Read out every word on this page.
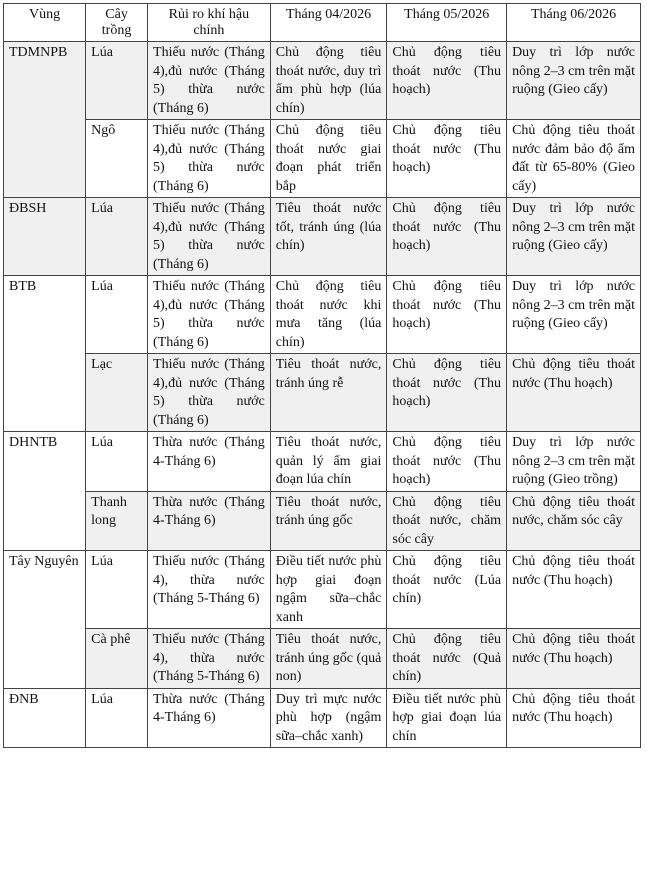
Vùng	Cây trồng	Rủi ro khí hậu chính	Tháng 04/2026	Tháng 05/2026	Tháng 06/2026
TDMNPB	Lúa	Thiếu nước (Tháng 4),đủ nước (Tháng 5) thừa nước (Tháng 6)	Chủ động tiêu thoát nước, duy trì ẩm phù hợp (lúa chín)	Chủ động tiêu thoát nước (Thu hoạch)	Duy trì lớp nước nông 2–3 cm trên mặt ruộng (Gieo cấy)
	Ngô	Thiếu nước (Tháng 4),đủ nước (Tháng 5) thừa nước (Tháng 6)	Chủ động tiêu thoát nước giai đoạn phát triển bắp	Chủ động tiêu thoát nước (Thu hoạch)	Chủ động tiêu thoát nước đảm bảo độ ẩm đất từ 65-80% (Gieo cấy)
ĐBSH	Lúa	Thiếu nước (Tháng 4),đủ nước (Tháng 5) thừa nước (Tháng 6)	Tiêu thoát nước tốt, tránh úng (lúa chín)	Chủ động tiêu thoát nước (Thu hoạch)	Duy trì lớp nước nông 2–3 cm trên mặt ruộng (Gieo cấy)
BTB	Lúa	Thiếu nước (Tháng 4),đủ nước (Tháng 5) thừa nước (Tháng 6)	Chủ động tiêu thoát nước khi mưa tăng (lúa chín)	Chủ động tiêu thoát nước (Thu hoạch)	Duy trì lớp nước nông 2–3 cm trên mặt ruộng (Gieo cấy)
	Lạc	Thiếu nước (Tháng 4),đủ nước (Tháng 5) thừa nước (Tháng 6)	Tiêu thoát nước, tránh úng rễ	Chủ động tiêu thoát nước (Thu hoạch)	Chủ động tiêu thoát nước (Thu hoạch)
DHNTB	Lúa	Thừa nước (Tháng 4-Tháng 6)	Tiêu thoát nước, quản lý ẩm giai đoạn lúa chín	Chủ động tiêu thoát nước (Thu hoạch)	Duy trì lớp nước nông 2–3 cm trên mặt ruộng (Gieo trồng)
	Thanh long	Thừa nước (Tháng 4-Tháng 6)	Tiêu thoát nước, tránh úng gốc	Chủ động tiêu thoát nước, chăm sóc cây	Chủ động tiêu thoát nước, chăm sóc cây
Tây Nguyên	Lúa	Thiếu nước (Tháng 4), thừa nước (Tháng 5-Tháng 6)	Điều tiết nước phù hợp giai đoạn ngậm sữa–chắc xanh	Chủ động tiêu thoát nước (Lúa chín)	Chủ động tiêu thoát nước (Thu hoạch)
	Cà phê	Thiếu nước (Tháng 4), thừa nước (Tháng 5-Tháng 6)	Tiêu thoát nước, tránh úng gốc (quả non)	Chủ động tiêu thoát nước (Quả chín)	Chủ động tiêu thoát nước (Thu hoạch)
ĐNB	Lúa	Thừa nước (Tháng 4-Tháng 6)	Duy trì mực nước phù hợp (ngậm sữa–chắc xanh)	Điều tiết nước phù hợp giai đoạn lúa chín	Chủ động tiêu thoát nước (Thu hoạch)
